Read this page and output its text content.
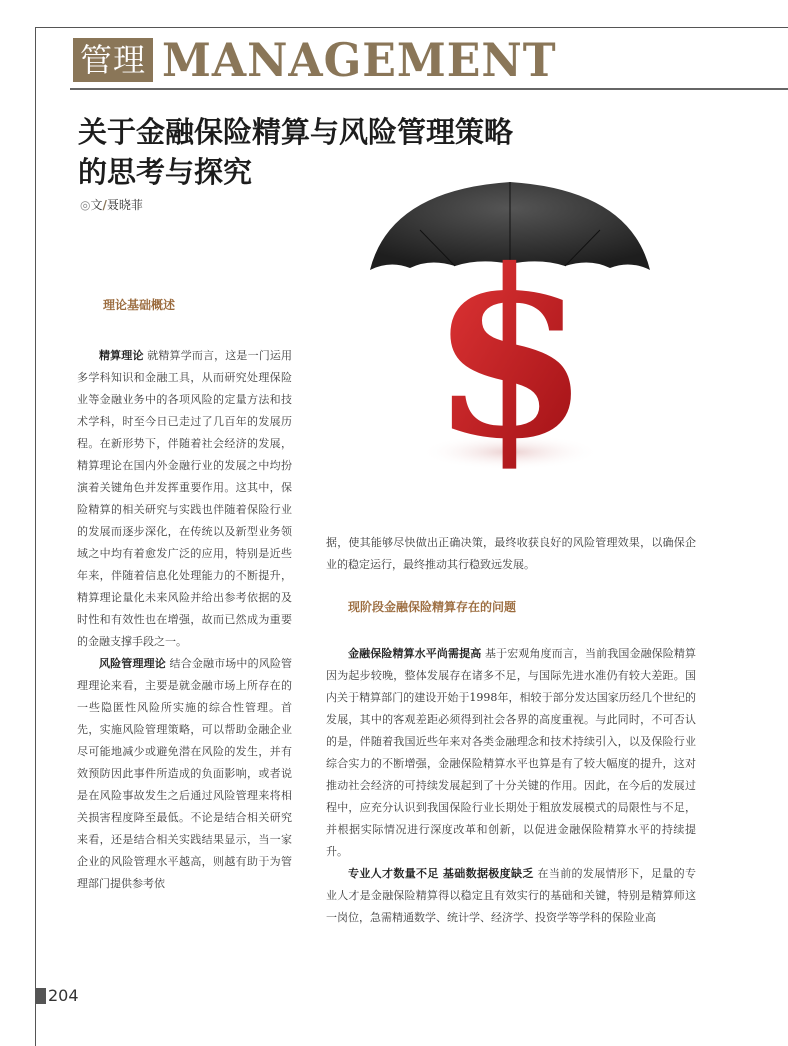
管理 MANAGEMENT
关于金融保险精算与风险管理策略
的思考与探究
◎文/聂晓菲
$

理论基础概述

精算理论 就精算学而言，这是一门运用多学科知识和金融工具，从而研究处理保险业等金融业务中的各项风险的定量方法和技术学科，时至今日已走过了几百年的发展历程。在新形势下，伴随着社会经济的发展，精算理论在国内外金融行业的发展之中均扮演着关键角色并发挥重要作用。这其中，保险精算的相关研究与实践也伴随着保险行业的发展而逐步深化，在传统以及新型业务领域之中均有着愈发广泛的应用，特别是近些年来，伴随着信息化处理能力的不断提升，精算理论量化未来风险并给出参考依据的及时性和有效性也在增强，故而已然成为重要的金融支撑手段之一。

风险管理理论 结合金融市场中的风险管理理论来看，主要是就金融市场上所存在的一些隐匿性风险所实施的综合性管理。首先，实施风险管理策略，可以帮助金融企业尽可能地减少或避免潜在风险的发生，并有效预防因此事件所造成的负面影响，或者说是在风险事故发生之后通过风险管理来将相关损害程度降至最低。不论是结合相关研究来看，还是结合相关实践结果显示，当一家企业的风险管理水平越高，则越有助于为管理部门提供参考依

据，使其能够尽快做出正确决策，最终收获良好的风险管理效果，以确保企业的稳定运行，最终推动其行稳致远发展。

现阶段金融保险精算存在的问题

金融保险精算水平尚需提高 基于宏观角度而言，当前我国金融保险精算因为起步较晚，整体发展存在诸多不足，与国际先进水准仍有较大差距。国内关于精算部门的建设开始于1998年，相较于部分发达国家历经几个世纪的发展，其中的客观差距必须得到社会各界的高度重视。与此同时，不可否认的是，伴随着我国近些年来对各类金融理念和技术持续引入，以及保险行业综合实力的不断增强，金融保险精算水平也算是有了较大幅度的提升，这对推动社会经济的可持续发展起到了十分关键的作用。因此，在今后的发展过程中，应充分认识到我国保险行业长期处于粗放发展模式的局限性与不足，并根据实际情况进行深度改革和创新，以促进金融保险精算水平的持续提升。

专业人才数量不足 基础数据极度缺乏 在当前的发展情形下，足量的专业人才是金融保险精算得以稳定且有效实行的基础和关键，特别是精算师这一岗位，急需精通数学、统计学、经济学、投资学等学科的保险业高

204
